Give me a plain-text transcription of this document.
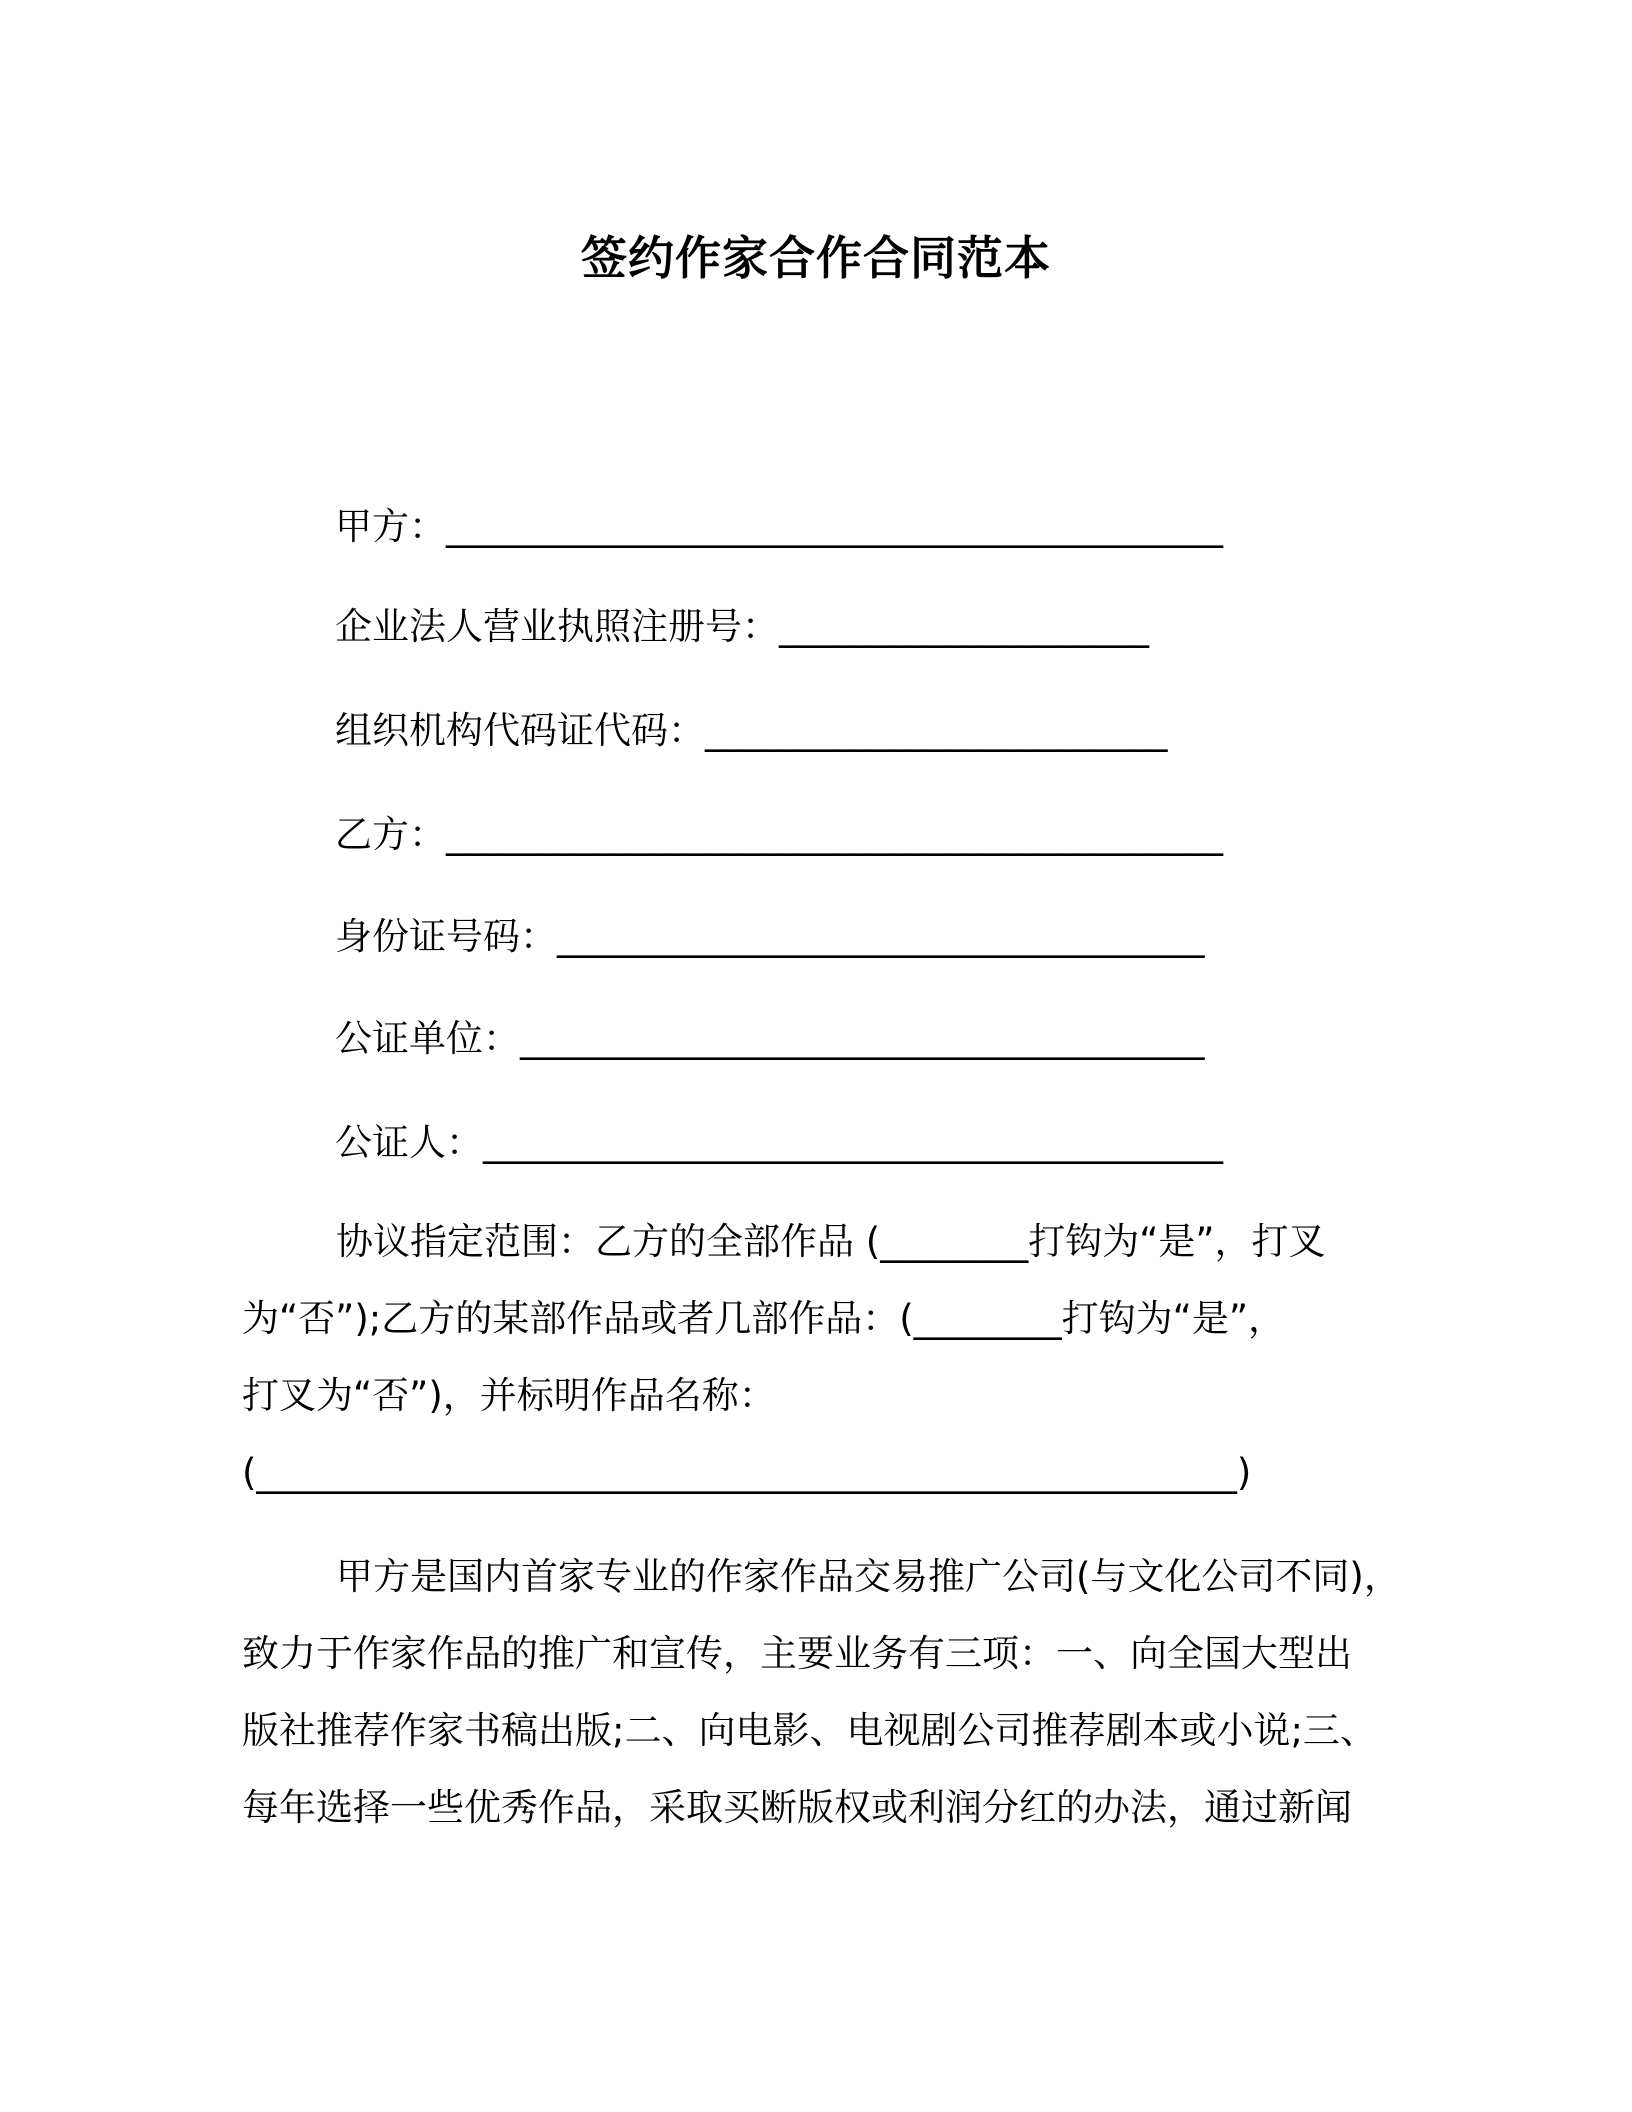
签约作家合作合同范本
甲方：__________________________________________
企业法人营业执照注册号：____________________
组织机构代码证代码：_________________________
乙方：__________________________________________
身份证号码：___________________________________
公证单位：_____________________________________
公证人：________________________________________
协议指定范围：乙方的全部作品 (________打钩为“是”，打叉
为“否”);乙方的某部作品或者几部作品：(________打钩为“是”，
打叉为“否”)，并标明作品名称：
(_____________________________________________________)
甲方是国内首家专业的作家作品交易推广公司(与文化公司不同)，
致力于作家作品的推广和宣传，主要业务有三项：一、向全国大型出
版社推荐作家书稿出版;二、向电影、电视剧公司推荐剧本或小说;三、
每年选择一些优秀作品，采取买断版权或利润分红的办法，通过新闻
